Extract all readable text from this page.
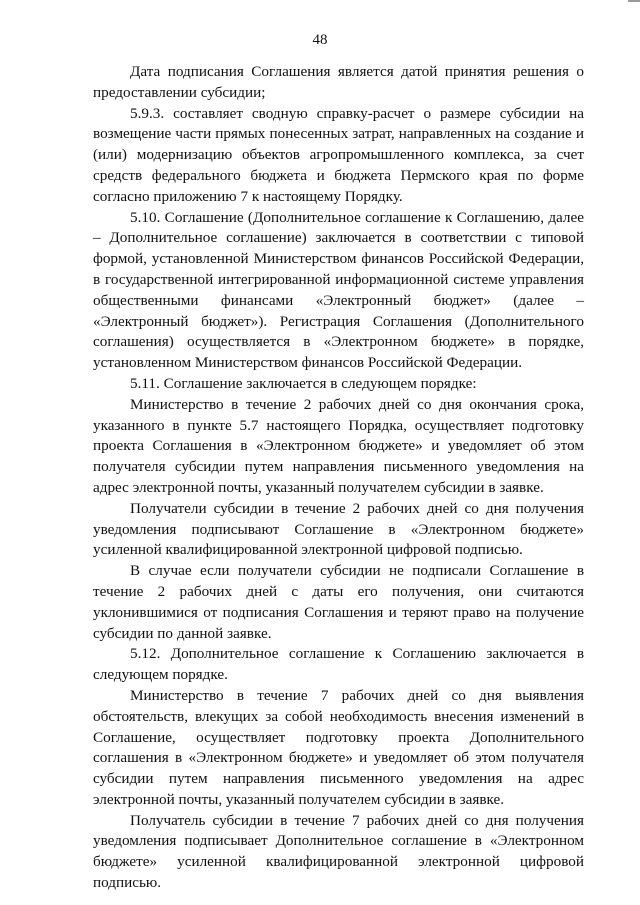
48

Дата подписания Соглашения является датой принятия решения о предоставлении субсидии;

5.9.3. составляет сводную справку-расчет о размере субсидии на возмещение части прямых понесенных затрат, направленных на создание и (или) модернизацию объектов агропромышленного комплекса, за счет средств федерального бюджета и бюджета Пермского края по форме согласно приложению 7 к настоящему Порядку.

5.10. Соглашение (Дополнительное соглашение к Соглашению, далее – Дополнительное соглашение) заключается в соответствии с типовой формой, установленной Министерством финансов Российской Федерации, в государственной интегрированной информационной системе управления общественными финансами «Электронный бюджет» (далее – «Электронный бюджет»). Регистрация Соглашения (Дополнительного соглашения) осуществляется в «Электронном бюджете» в порядке, установленном Министерством финансов Российской Федерации.

5.11. Соглашение заключается в следующем порядке:

Министерство в течение 2 рабочих дней со дня окончания срока, указанного в пункте 5.7 настоящего Порядка, осуществляет подготовку проекта Соглашения в «Электронном бюджете» и уведомляет об этом получателя субсидии путем направления письменного уведомления на адрес электронной почты, указанный получателем субсидии в заявке.

Получатели субсидии в течение 2 рабочих дней со дня получения уведомления подписывают Соглашение в «Электронном бюджете» усиленной квалифицированной электронной цифровой подписью.

В случае если получатели субсидии не подписали Соглашение в течение 2 рабочих дней с даты его получения, они считаются уклонившимися от подписания Соглашения и теряют право на получение субсидии по данной заявке.

5.12. Дополнительное соглашение к Соглашению заключается в следующем порядке.

Министерство в течение 7 рабочих дней со дня выявления обстоятельств, влекущих за собой необходимость внесения изменений в Соглашение, осуществляет подготовку проекта Дополнительного соглашения в «Электронном бюджете» и уведомляет об этом получателя субсидии путем направления письменного уведомления на адрес электронной почты, указанный получателем субсидии в заявке.

Получатель субсидии в течение 7 рабочих дней со дня получения уведомления подписывает Дополнительное соглашение в «Электронном бюджете» усиленной квалифицированной электронной цифровой подписью.
